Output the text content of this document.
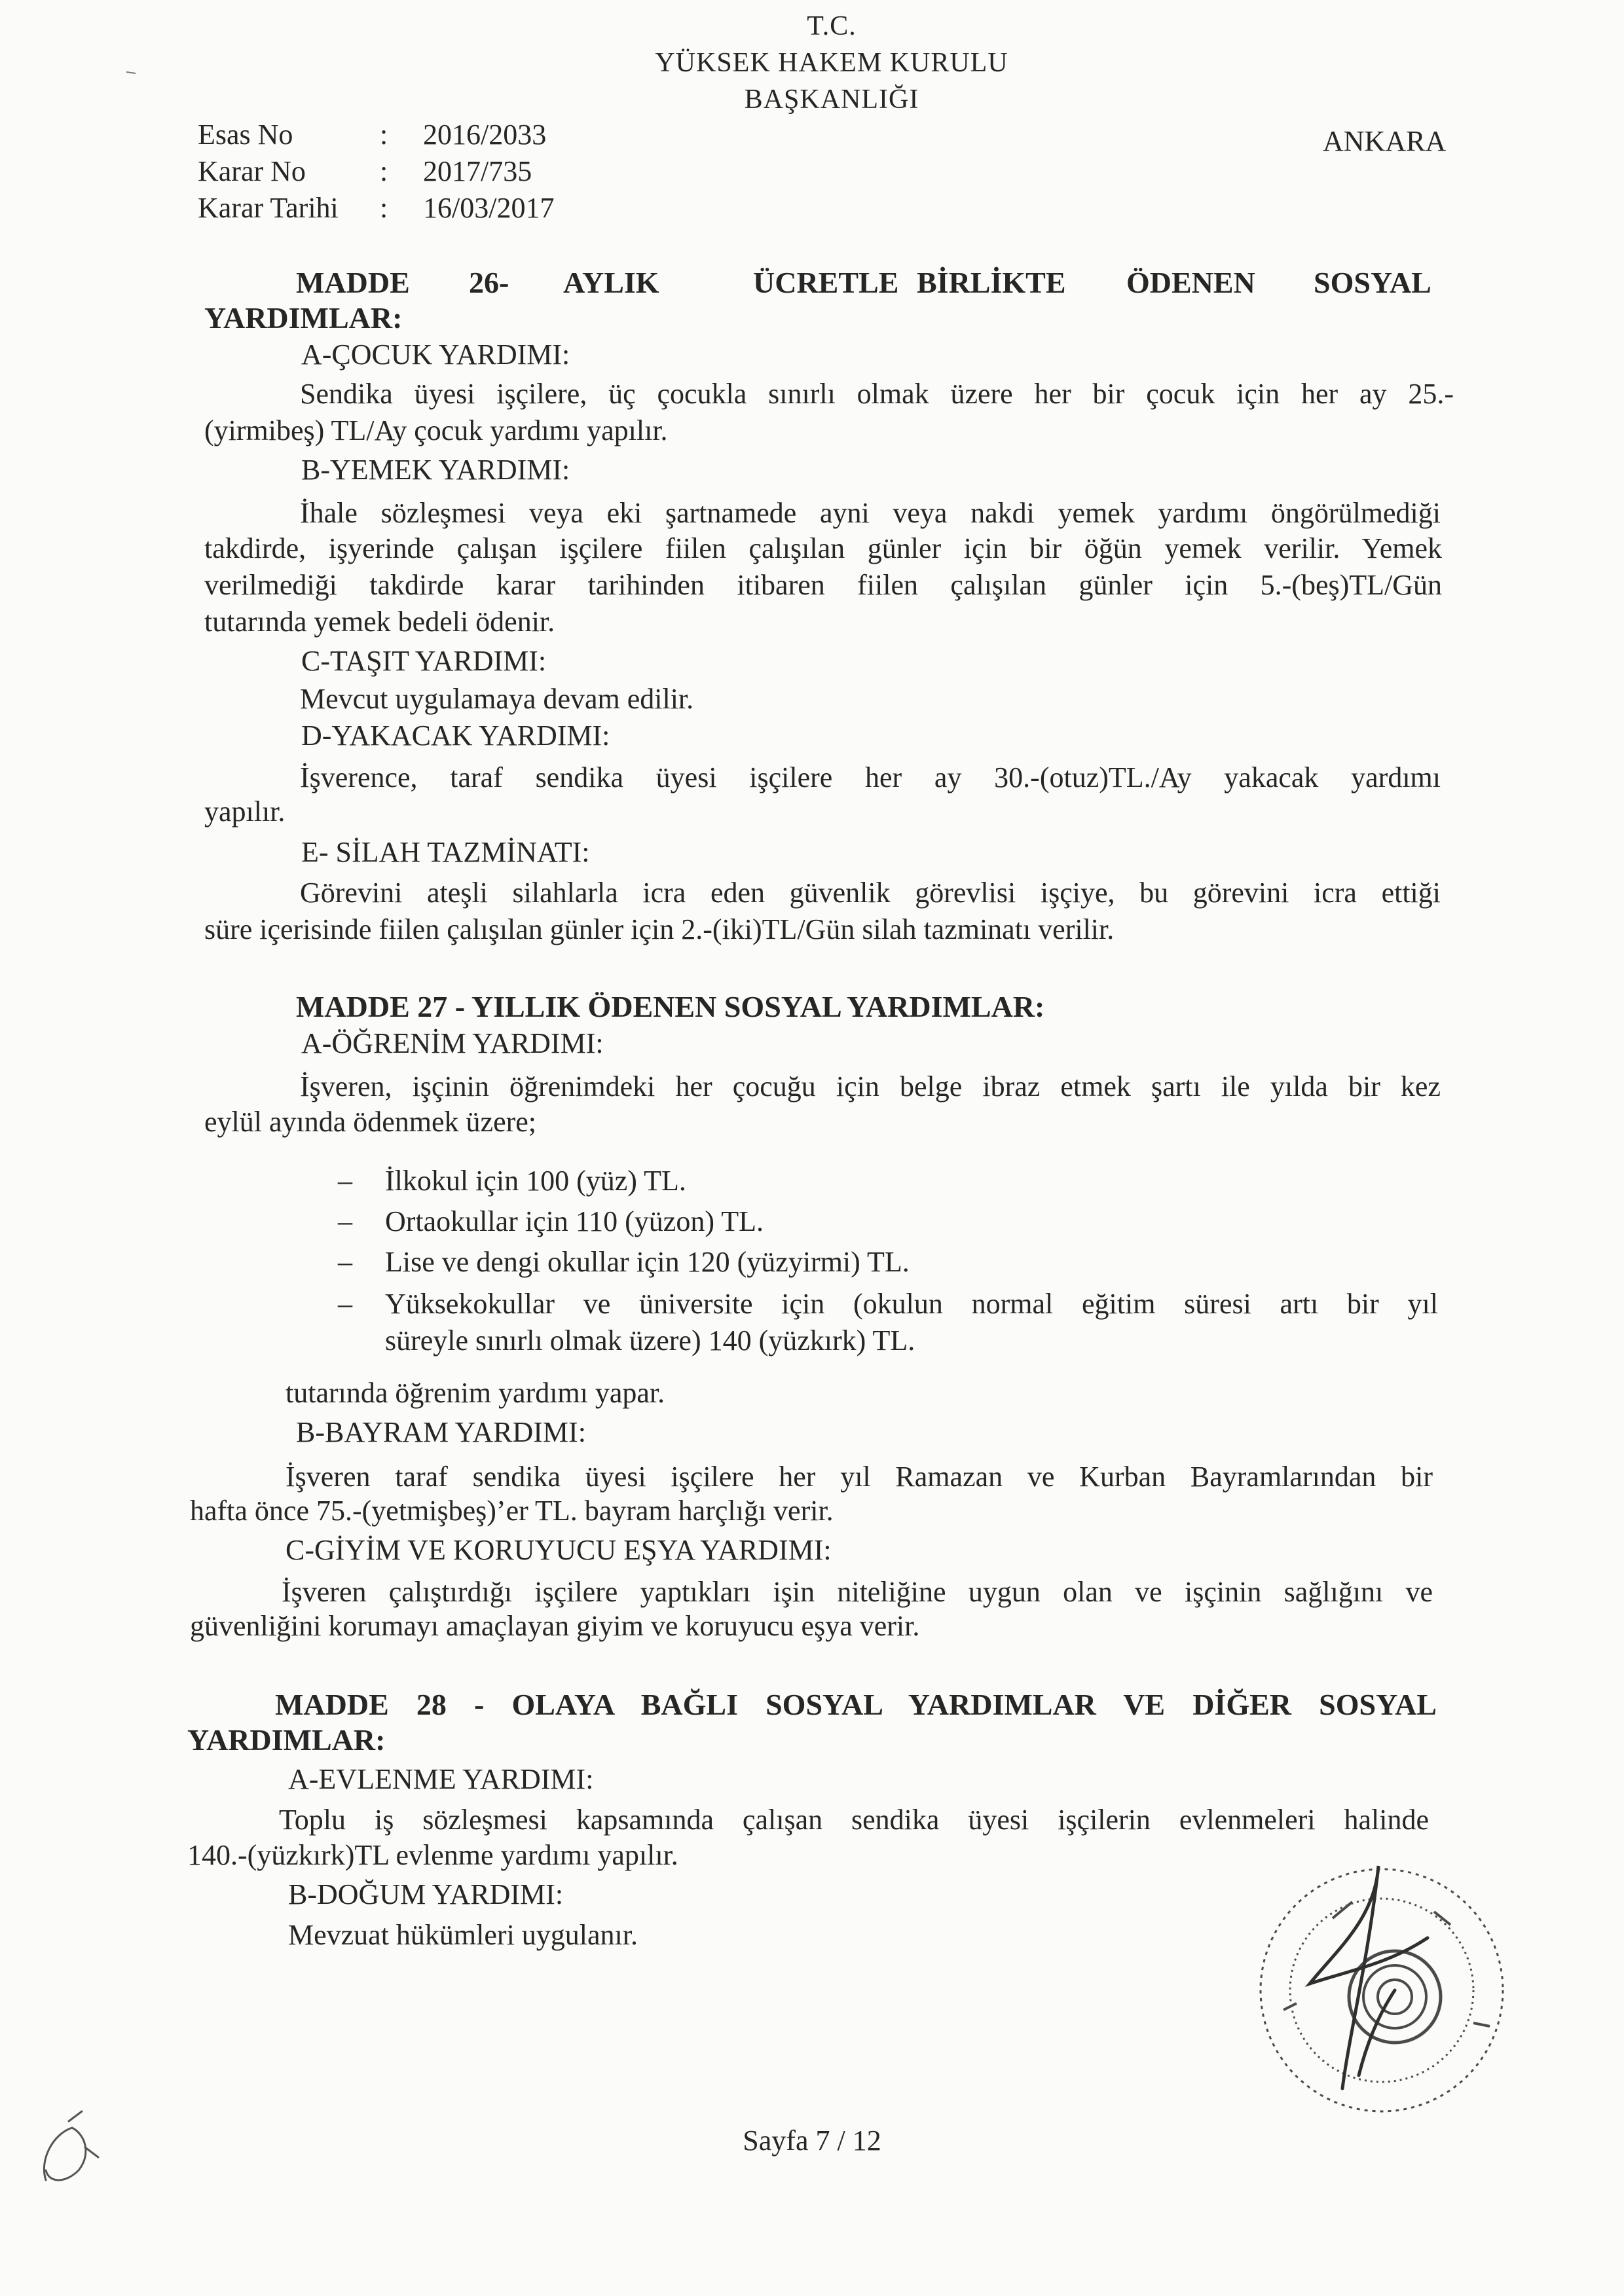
T.C.
YÜKSEK HAKEM KURULU
BAŞKANLIĞI
ANKARA
Esas No	: 2016/2033
Karar No	: 2017/735
Karar Tarihi : 16/03/2017
MADDE 26- AYLIK	ÜCRETLE BİRLİKTE ÖDENEN SOSYAL
YARDIMLAR:
A-ÇOCUK YARDIMI:
Sendika üyesi işçilere, üç çocukla sınırlı olmak üzere her bir çocuk için her ay 25.-
(yirmibeş) TL/Ay çocuk yardımı yapılır.
B-YEMEK YARDIMI:
İhale sözleşmesi veya eki şartnamede ayni veya nakdi yemek yardımı öngörülmediği
takdirde, işyerinde çalışan işçilere fiilen çalışılan günler için bir öğün yemek verilir. Yemek
verilmediği takdirde karar tarihinden itibaren fiilen çalışılan günler için 5.-(beş)TL/Gün
tutarında yemek bedeli ödenir.
C-TAŞIT YARDIMI:
Mevcut uygulamaya devam edilir.
D-YAKACAK YARDIMI:
İşverence, taraf sendika üyesi işçilere her ay 30.-(otuz)TL./Ay yakacak yardımı
yapılır.
E- SİLAH TAZMİNATI:
Görevini ateşli silahlarla icra eden güvenlik görevlisi işçiye, bu görevini icra ettiği
süre içerisinde fiilen çalışılan günler için 2.-(iki)TL/Gün silah tazminatı verilir.
MADDE 27 - YILLIK ÖDENEN SOSYAL YARDIMLAR:
A-ÖĞRENİM YARDIMI:
İşveren, işçinin öğrenimdeki her çocuğu için belge ibraz etmek şartı ile yılda bir kez
eylül ayında ödenmek üzere;
– İlkokul için 100 (yüz) TL.
– Ortaokullar için 110 (yüzon) TL.
– Lise ve dengi okullar için 120 (yüzyirmi) TL.
– Yüksekokullar ve üniversite için (okulun normal eğitim süresi artı bir yıl
süreyle sınırlı olmak üzere) 140 (yüzkırk) TL.
tutarında öğrenim yardımı yapar.
B-BAYRAM YARDIMI:
İşveren taraf sendika üyesi işçilere her yıl Ramazan ve Kurban Bayramlarından bir
hafta önce 75.-(yetmişbeş)’er TL. bayram harçlığı verir.
C-GİYİM VE KORUYUCU EŞYA YARDIMI:
İşveren çalıştırdığı işçilere yaptıkları işin niteliğine uygun olan ve işçinin sağlığını ve
güvenliğini korumayı amaçlayan giyim ve koruyucu eşya verir.
MADDE 28 - OLAYA BAĞLI SOSYAL YARDIMLAR VE DİĞER SOSYAL
YARDIMLAR:
A-EVLENME YARDIMI:
Toplu iş sözleşmesi kapsamında çalışan sendika üyesi işçilerin evlenmeleri halinde
140.-(yüzkırk)TL evlenme yardımı yapılır.
B-DOĞUM YARDIMI:
Mevzuat hükümleri uygulanır.
Sayfa 7 / 12
